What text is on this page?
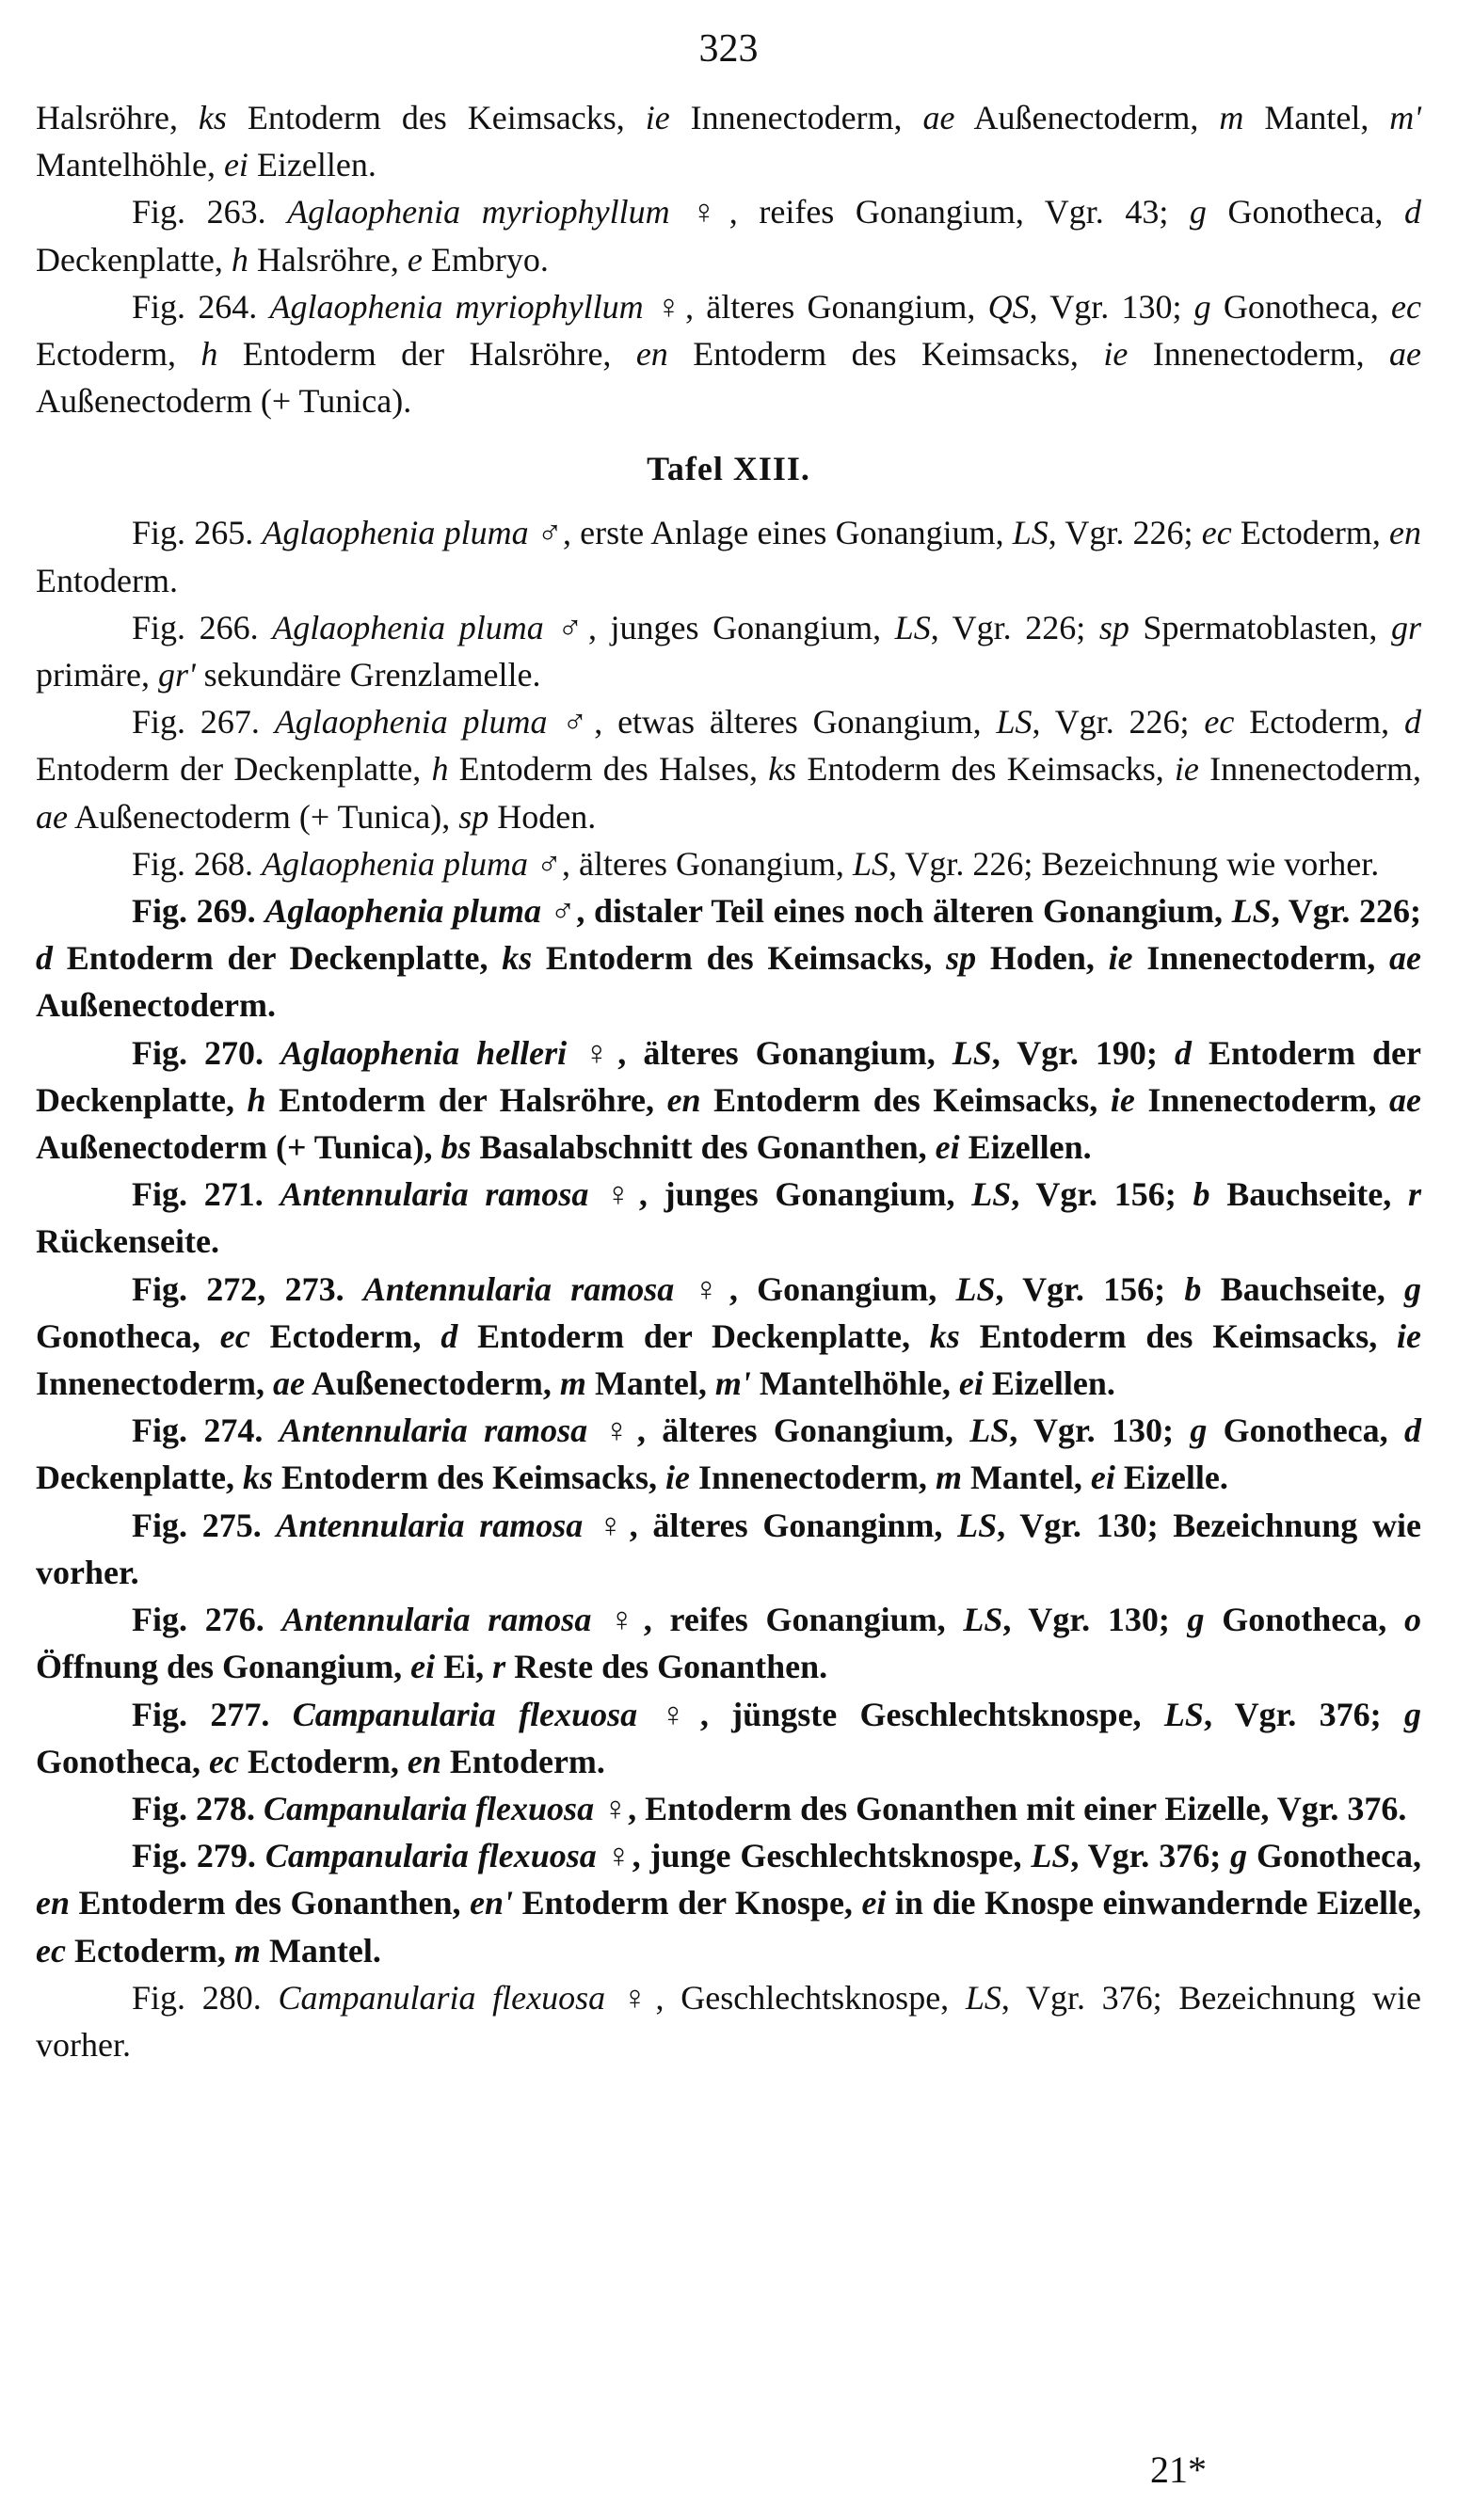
323

Halsröhre, ks Entoderm des Keimsacks, ie Innenectoderm, ae Außenectoderm, m Mantel, m' Mantelhöhle, ei Eizellen.

Fig. 263. Aglaophenia myriophyllum ♀, reifes Gonangium, Vgr. 43; g Gonotheca, d Deckenplatte, h Halsröhre, e Embryo.

Fig. 264. Aglaophenia myriophyllum ♀, älteres Gonangium, QS, Vgr. 130; g Gonotheca, ec Ectoderm, h Entoderm der Halsröhre, en Entoderm des Keimsacks, ie Innenectoderm, ae Außenectoderm (+ Tunica).

Tafel XIII.

Fig. 265. Aglaophenia pluma ♂, erste Anlage eines Gonangium, LS, Vgr. 226; ec Ectoderm, en Entoderm.

Fig. 266. Aglaophenia pluma ♂, junges Gonangium, LS, Vgr. 226; sp Spermatoblasten, gr primäre, gr' sekundäre Grenzlamelle.

Fig. 267. Aglaophenia pluma ♂, etwas älteres Gonangium, LS, Vgr. 226; ec Ectoderm, d Entoderm der Deckenplatte, h Entoderm des Halses, ks Entoderm des Keimsacks, ie Innenectoderm, ae Außenectoderm (+ Tunica), sp Hoden.

Fig. 268. Aglaophenia pluma ♂, älteres Gonangium, LS, Vgr. 226; Bezeichnung wie vorher.

Fig. 269. Aglaophenia pluma ♂, distaler Teil eines noch älteren Gonangium, LS, Vgr. 226; d Entoderm der Deckenplatte, ks Entoderm des Keimsacks, sp Hoden, ie Innenectoderm, ae Außenectoderm.

Fig. 270. Aglaophenia helleri ♀, älteres Gonangium, LS, Vgr. 190; d Entoderm der Deckenplatte, h Entoderm der Halsröhre, en Entoderm des Keimsacks, ie Innenectoderm, ae Außenectoderm (+ Tunica), bs Basalabschnitt des Gonanthen, ei Eizellen.

Fig. 271. Antennularia ramosa ♀, junges Gonangium, LS, Vgr. 156; b Bauchseite, r Rückenseite.

Fig. 272, 273. Antennularia ramosa ♀, Gonangium, LS, Vgr. 156; b Bauchseite, g Gonotheca, ec Ectoderm, d Entoderm der Deckenplatte, ks Entoderm des Keimsacks, ie Innenectoderm, ae Außenectoderm, m Mantel, m' Mantelhöhle, ei Eizellen.

Fig. 274. Antennularia ramosa ♀, älteres Gonangium, LS, Vgr. 130; g Gonotheca, d Deckenplatte, ks Entoderm des Keimsacks, ie Innenectoderm, m Mantel, ei Eizelle.

Fig. 275. Antennularia ramosa ♀, älteres Gonanginm, LS, Vgr. 130; Bezeichnung wie vorher.

Fig. 276. Antennularia ramosa ♀, reifes Gonangium, LS, Vgr. 130; g Gonotheca, o Öffnung des Gonangium, ei Ei, r Reste des Gonanthen.

Fig. 277. Campanularia flexuosa ♀, jüngste Geschlechtsknospe, LS, Vgr. 376; g Gonotheca, ec Ectoderm, en Entoderm.

Fig. 278. Campanularia flexuosa ♀, Entoderm des Gonanthen mit einer Eizelle, Vgr. 376.

Fig. 279. Campanularia flexuosa ♀, junge Geschlechtsknospe, LS, Vgr. 376; g Gonotheca, en Entoderm des Gonanthen, en' Entoderm der Knospe, ei in die Knospe einwandernde Eizelle, ec Ectoderm, m Mantel.

Fig. 280. Campanularia flexuosa ♀, Geschlechtsknospe, LS, Vgr. 376; Bezeichnung wie vorher.

21*
